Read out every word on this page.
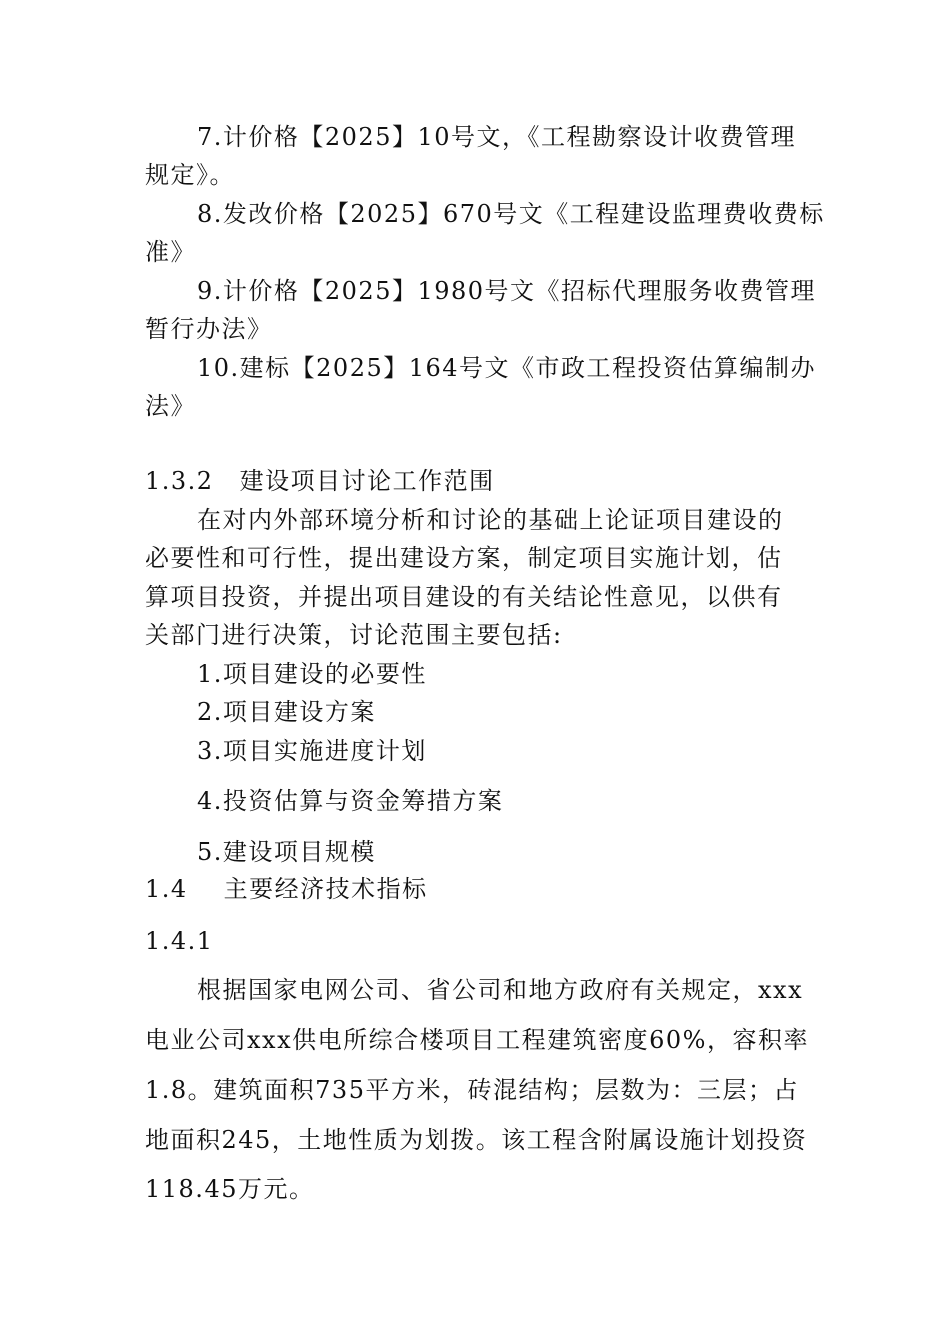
7.计价格【2025】10号文，《工程勘察设计收费管理
规定》。
8.发改价格【2025】670号文《工程建设监理费收费标
准》
9.计价格【2025】1980号文《招标代理服务收费管理
暂行办法》
10.建标【2025】164号文《市政工程投资估算编制办
法》
1.3.2 建设项目讨论工作范围
在对内外部环境分析和讨论的基础上论证项目建设的
必要性和可行性，提出建设方案，制定项目实施计划，估
算项目投资，并提出项目建设的有关结论性意见，以供有
关部门进行决策，讨论范围主要包括:
1.项目建设的必要性
2.项目建设方案
3.项目实施进度计划
4.投资估算与资金筹措方案
5.建设项目规模
1.4 主要经济技术指标
1.4.1
根据国家电网公司、省公司和地方政府有关规定，xxx
电业公司xxx供电所综合楼项目工程建筑密度60%，容积率
1.8。建筑面积735平方米，砖混结构；层数为：三层；占
地面积245，土地性质为划拨。该工程含附属设施计划投资
118.45万元。
